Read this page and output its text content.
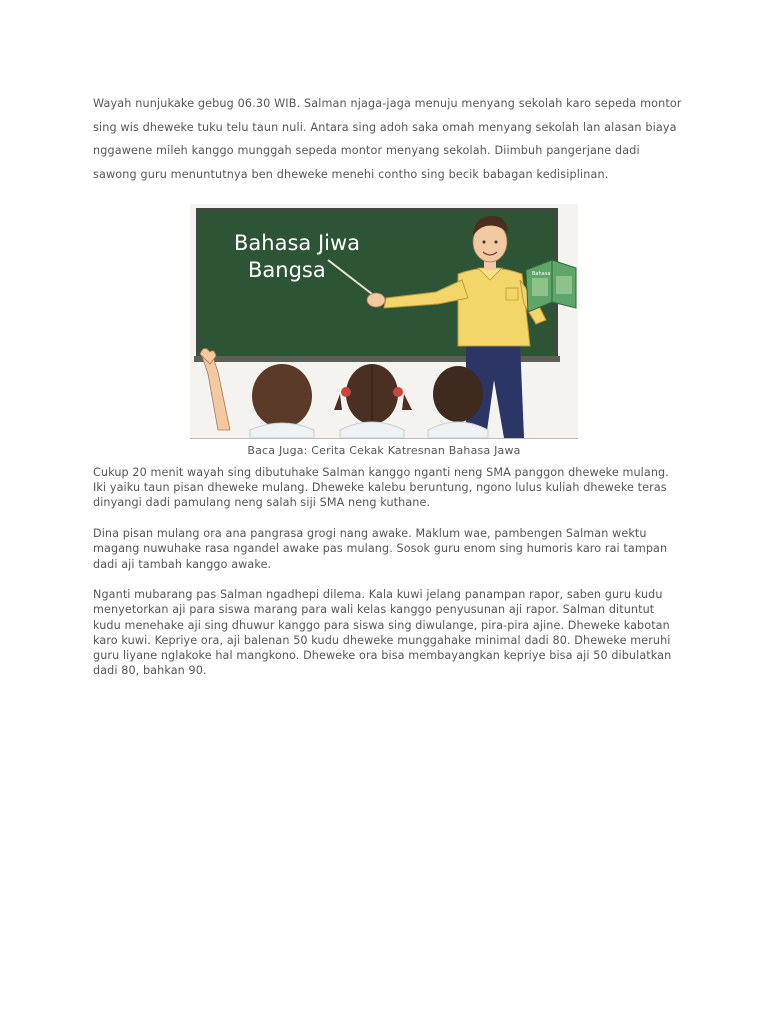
Wayah nunjukake gebug 06.30 WIB. Salman njaga-jaga menuju menyang sekolah karo sepeda montor sing wis dheweke tuku telu taun nuli. Antara sing adoh saka omah menyang sekolah lan alasan biaya nggawene mileh kanggo munggah sepeda montor menyang sekolah. Diimbuh pangerjane dadi sawong guru menuntutnya ben dheweke menehi contho sing becik babagan kedisiplinan.

Bahasa Jiwa
Bangsa	Bahasa

Baca Juga: Cerita Cekak Katresnan Bahasa Jawa

Cukup 20 menit wayah sing dibutuhake Salman kanggo nganti neng SMA panggon dheweke mulang. Iki yaiku taun pisan dheweke mulang. Dheweke kalebu beruntung, ngono lulus kuliah dheweke teras dinyangi dadi pamulang neng salah siji SMA neng kuthane.

Dina pisan mulang ora ana pangrasa grogi nang awake. Maklum wae, pambengen Salman wektu magang nuwuhake rasa ngandel awake pas mulang. Sosok guru enom sing humoris karo rai tampan dadi aji tambah kanggo awake.

Nganti mubarang pas Salman ngadhepi dilema. Kala kuwi jelang panampan rapor, saben guru kudu menyetorkan aji para siswa marang para wali kelas kanggo penyusunan aji rapor. Salman dituntut kudu menehake aji sing dhuwur kanggo para siswa sing diwulange, pira-pira ajine. Dheweke kabotan karo kuwi. Kepriye ora, aji balenan 50 kudu dheweke munggahake minimal dadi 80. Dheweke meruhi guru liyane nglakoke hal mangkono. Dheweke ora bisa membayangkan kepriye bisa aji 50 dibulatkan dadi 80, bahkan 90.
